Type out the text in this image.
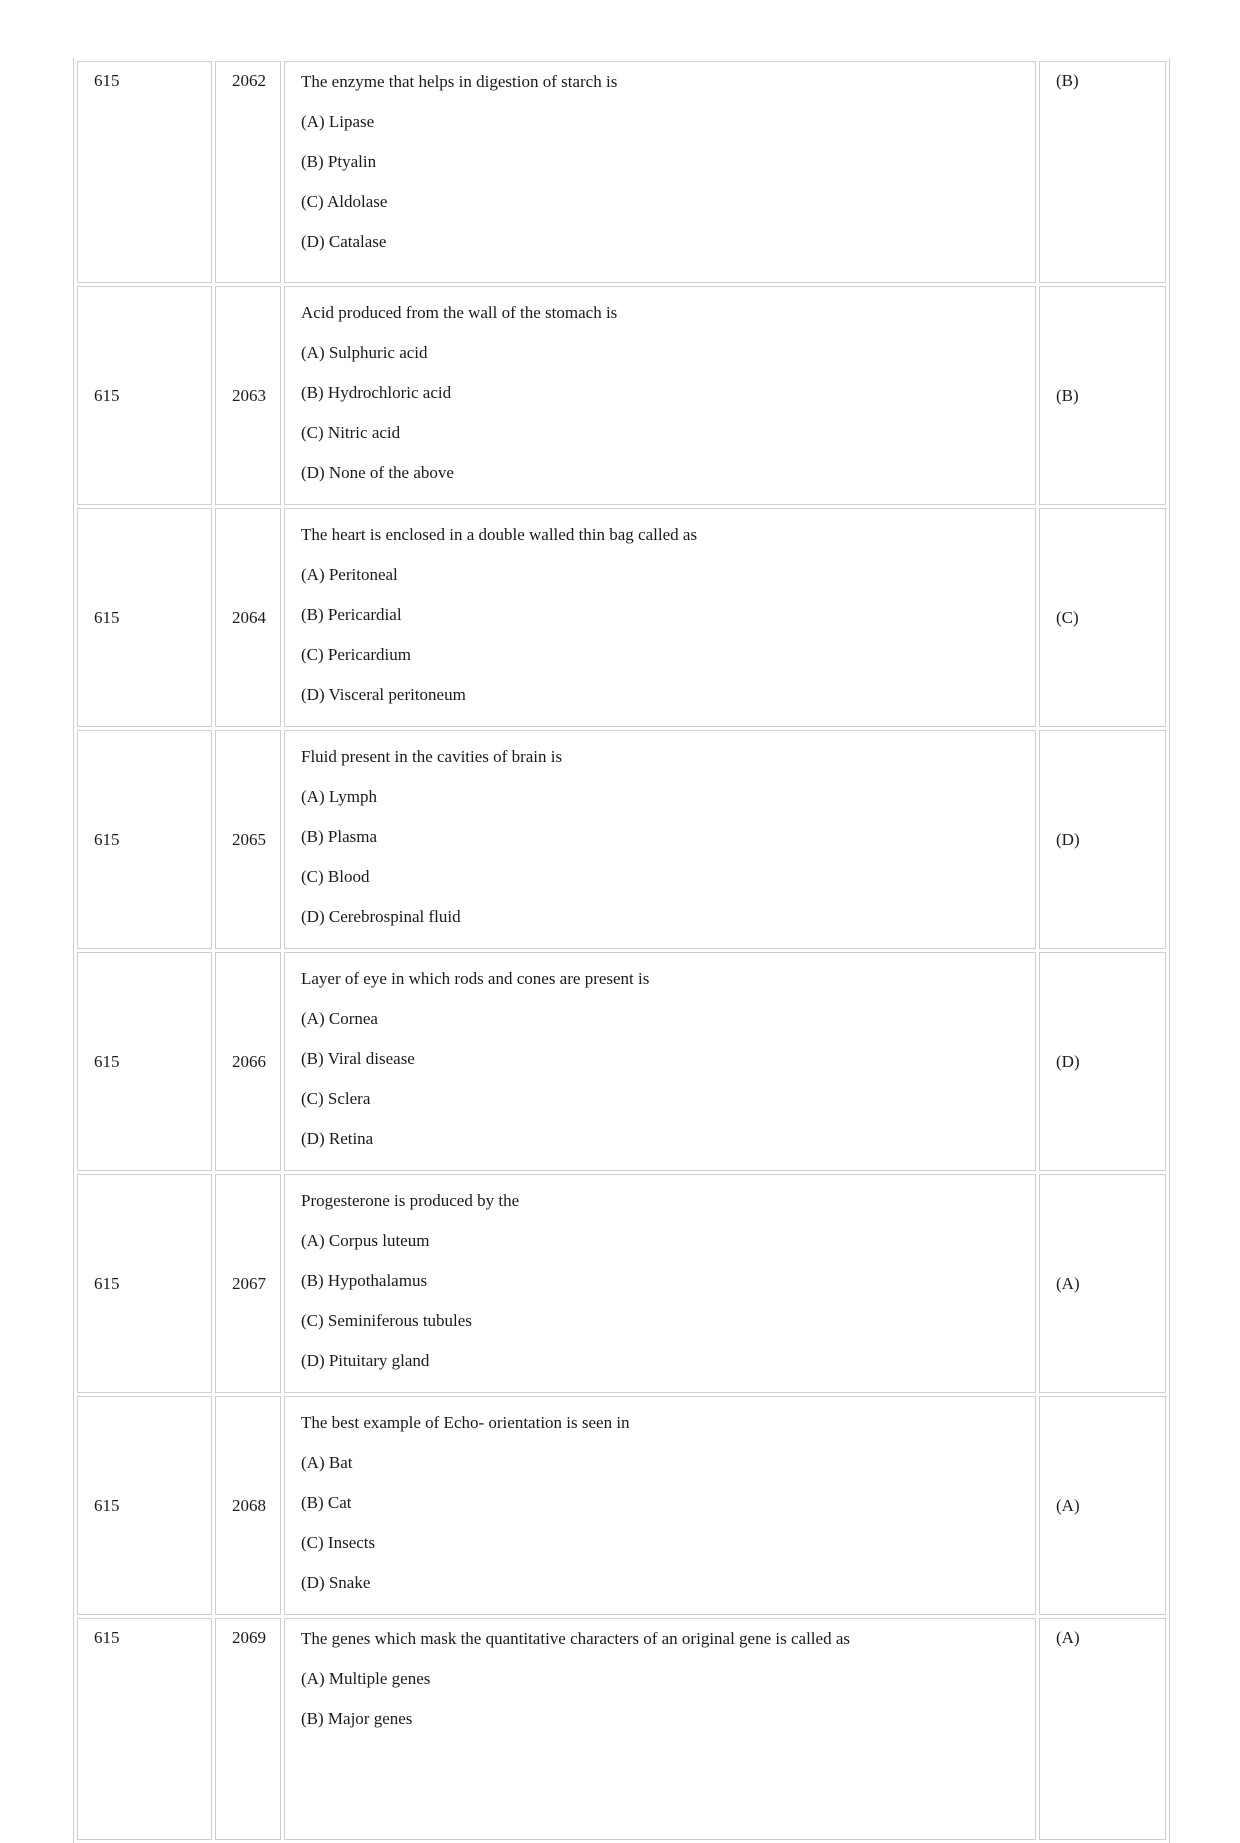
615	2062	The enzyme that helps in digestion of starch is

(A) Lipase

(B) Ptyalin

(C) Aldolase

(D) Catalase	(B)
615	2063	Acid produced from the wall of the stomach is

(A) Sulphuric acid

(B) Hydrochloric acid

(C) Nitric acid

(D) None of the above	(B)
615	2064	The heart is enclosed in a double walled thin bag called as

(A) Peritoneal

(B) Pericardial

(C) Pericardium

(D) Visceral peritoneum	(C)
615	2065	Fluid present in the cavities of brain is

(A) Lymph

(B) Plasma

(C) Blood

(D) Cerebrospinal fluid	(D)
615	2066	Layer of eye in which rods and cones are present is

(A) Cornea

(B) Viral disease

(C) Sclera

(D) Retina	(D)
615	2067	Progesterone is produced by the

(A) Corpus luteum

(B) Hypothalamus

(C) Seminiferous tubules

(D) Pituitary gland	(A)
615	2068	The best example of Echo- orientation is seen in

(A) Bat

(B) Cat

(C) Insects

(D) Snake	(A)
615	2069	The genes which mask the quantitative characters of an original gene is called as

(A) Multiple genes

(B) Major genes	(A)
